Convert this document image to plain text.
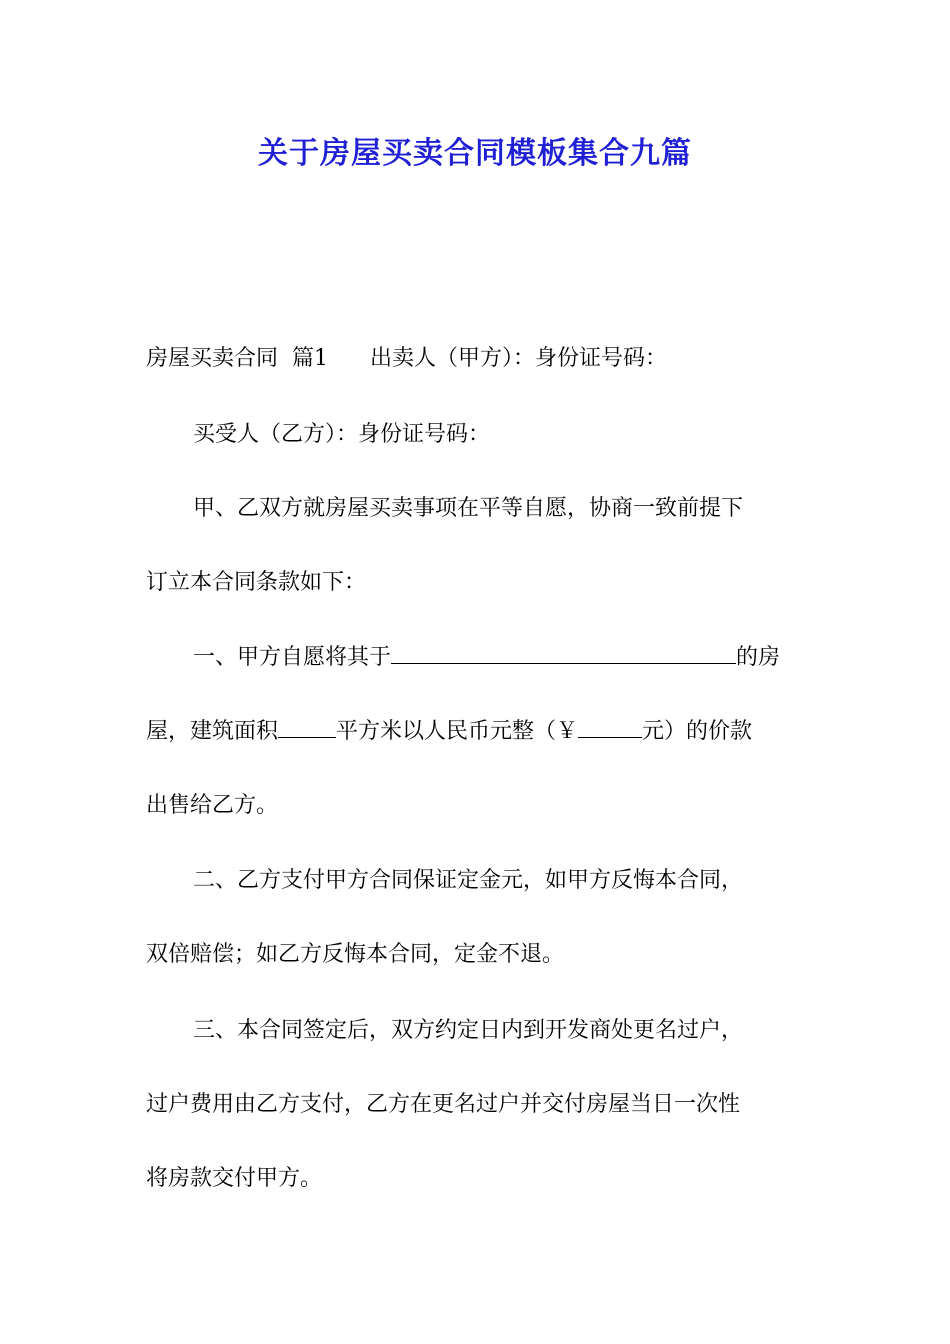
关于房屋买卖合同模板集合九篇
房屋买卖合同  篇1      出卖人（甲方）：身份证号码：
买受人（乙方）：身份证号码：
甲、乙双方就房屋买卖事项在平等自愿，协商一致前提下
订立本合同条款如下：
一、甲方自愿将其于	的房
屋，建筑面积	平方米以人民币元整（￥	元）的价款
出售给乙方。
二、乙方支付甲方合同保证定金元，如甲方反悔本合同，
双倍赔偿；如乙方反悔本合同，定金不退。
三、本合同签定后，双方约定日内到开发商处更名过户，
过户费用由乙方支付，乙方在更名过户并交付房屋当日一次性
将房款交付甲方。
